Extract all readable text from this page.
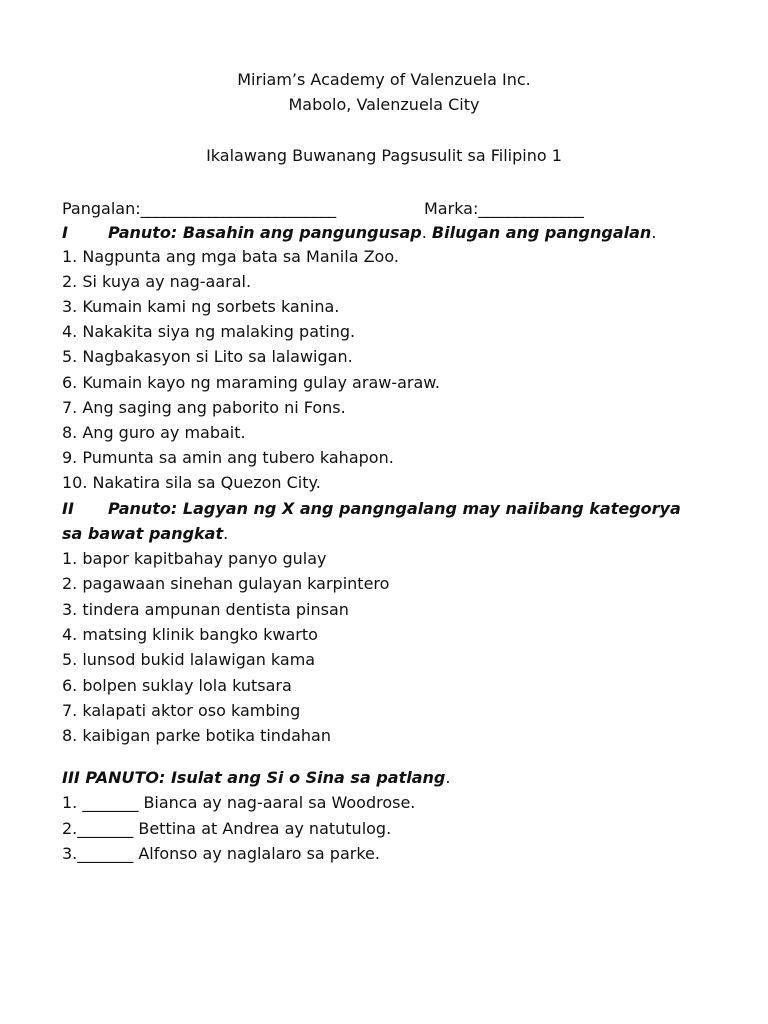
Miriam’s Academy of Valenzuela Inc.
Mabolo, Valenzuela City
Ikalawang Buwanang Pagsusulit sa Filipino 1
Pangalan:__________________________	Marka:______________
I	Panuto: Basahin ang pangungusap. Bilugan ang pangngalan.
1. Nagpunta ang mga bata sa Manila Zoo.
2. Si kuya ay nag-aaral.
3. Kumain kami ng sorbets kanina.
4. Nakakita siya ng malaking pating.
5. Nagbakasyon si Lito sa lalawigan.
6. Kumain kayo ng maraming gulay araw-araw.
7. Ang saging ang paborito ni Fons.
8. Ang guro ay mabait.
9. Pumunta sa amin ang tubero kahapon.
10. Nakatira sila sa Quezon City.
II Panuto: Lagyan ng X ang pangngalang may naiibang kategorya
sa bawat pangkat.
1. bapor kapitbahay panyo gulay
2. pagawaan sinehan gulayan karpintero
3. tindera ampunan dentista pinsan
4. matsing klinik bangko kwarto
5. lunsod bukid lalawigan kama
6. bolpen suklay lola kutsara
7. kalapati aktor oso kambing
8. kaibigan parke botika tindahan
III PANUTO: Isulat ang Si o Sina sa patlang.
1. _______ Bianca ay nag-aaral sa Woodrose.
2._______ Bettina at Andrea ay natutulog.
3._______ Alfonso ay naglalaro sa parke.
